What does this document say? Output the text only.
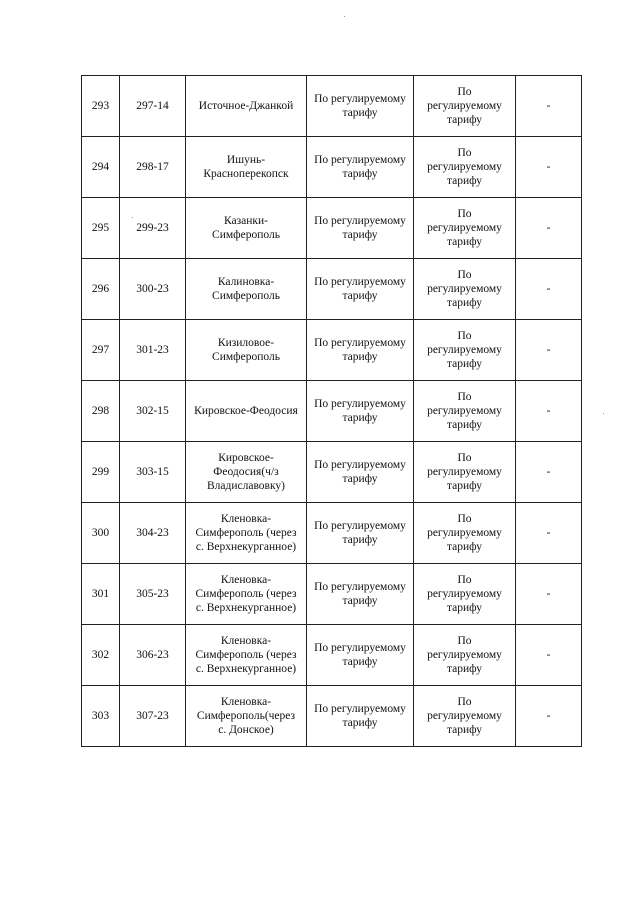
293	297-14	Источное-Джанкой	По регулируемому
тарифу	По
регулируемому
тарифу	-
294	298-17	Ишунь-
Красноперекопск	По регулируемому
тарифу	По
регулируемому
тарифу	-
295	299-23	Казанки-
Симферополь	По регулируемому
тарифу	По
регулируемому
тарифу	-
296	300-23	Калиновка-
Симферополь	По регулируемому
тарифу	По
регулируемому
тарифу	-
297	301-23	Кизиловое-
Симферополь	По регулируемому
тарифу	По
регулируемому
тарифу	-
298	302-15	Кировское-Феодосия	По регулируемому
тарифу	По
регулируемому
тарифу	-
299	303-15	Кировское-
Феодосия(ч/з
Владиславовку)	По регулируемому
тарифу	По
регулируемому
тарифу	-
300	304-23	Кленовка-
Симферополь (через
с. Верхнекурганное)	По регулируемому
тарифу	По
регулируемому
тарифу	-
301	305-23	Кленовка-
Симферополь (через
с. Верхнекурганное)	По регулируемому
тарифу	По
регулируемому
тарифу	-
302	306-23	Кленовка-
Симферополь (через
с. Верхнекурганное)	По регулируемому
тарифу	По
регулируемому
тарифу	-
303	307-23	Кленовка-
Симферополь(через
с. Донское)	По регулируемому
тарифу	По
регулируемому
тарифу	-
